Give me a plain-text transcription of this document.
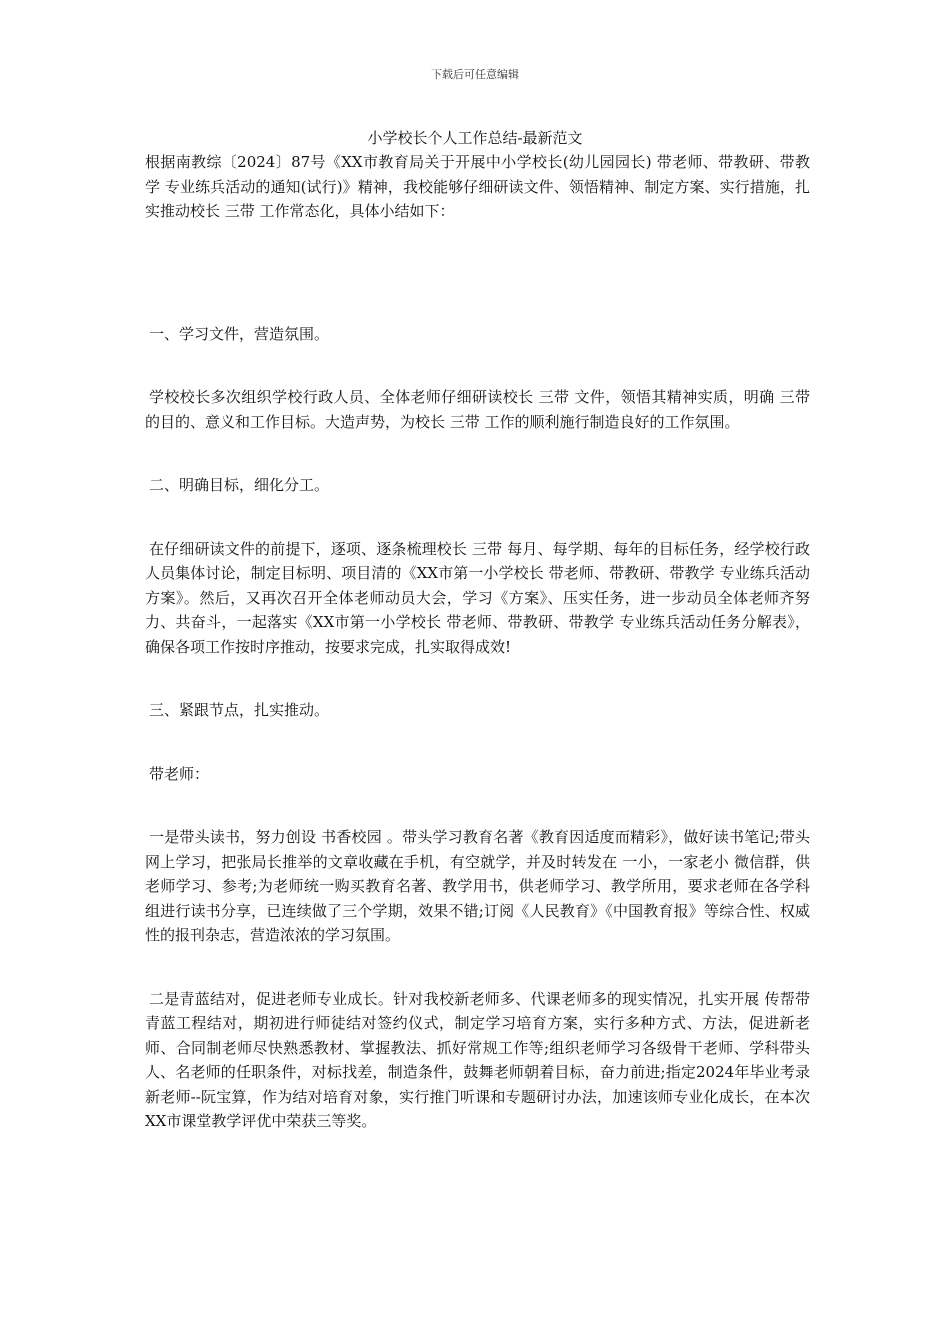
下载后可任意编辑
小学校长个人工作总结-最新范文

根据南教综〔2024〕87号《XX市教育局关于开展中小学校长(幼儿园园长) 带老师、带教研、带教学 专业练兵活动的通知(试行)》精神，我校能够仔细研读文件、领悟精神、制定方案、实行措施，扎实推动校长 三带 工作常态化，具体小结如下：

一、学习文件，营造氛围。

学校校长多次组织学校行政人员、全体老师仔细研读校长 三带 文件，领悟其精神实质，明确 三带 的目的、意义和工作目标。大造声势，为校长 三带 工作的顺利施行制造良好的工作氛围。

二、明确目标，细化分工。

在仔细研读文件的前提下，逐项、逐条梳理校长 三带 每月、每学期、每年的目标任务，经学校行政人员集体讨论，制定目标明、项目清的《XX市第一小学校长 带老师、带教研、带教学 专业练兵活动方案》。然后，又再次召开全体老师动员大会，学习《方案》、压实任务，进一步动员全体老师齐努力、共奋斗，一起落实《XX市第一小学校长 带老师、带教研、带教学 专业练兵活动任务分解表》，确保各项工作按时序推动，按要求完成，扎实取得成效!

三、紧跟节点，扎实推动。

带老师：

一是带头读书，努力创设 书香校园 。带头学习教育名著《教育因适度而精彩》，做好读书笔记;带头网上学习，把张局长推举的文章收藏在手机，有空就学，并及时转发在 一小，一家老小 微信群，供老师学习、参考;为老师统一购买教育名著、教学用书，供老师学习、教学所用，要求老师在各学科组进行读书分享，已连续做了三个学期，效果不错;订阅《人民教育》《中国教育报》等综合性、权威性的报刊杂志，营造浓浓的学习氛围。

二是青蓝结对，促进老师专业成长。针对我校新老师多、代课老师多的现实情况，扎实开展 传帮带 青蓝工程结对，期初进行师徒结对签约仪式，制定学习培育方案，实行多种方式、方法，促进新老师、合同制老师尽快熟悉教材、掌握教法、抓好常规工作等;组织老师学习各级骨干老师、学科带头人、名老师的任职条件，对标找差，制造条件，鼓舞老师朝着目标，奋力前进;指定2024年毕业考录新老师--阮宝算，作为结对培育对象，实行推门听课和专题研讨办法，加速该师专业化成长，在本次XX市课堂教学评优中荣获三等奖。
